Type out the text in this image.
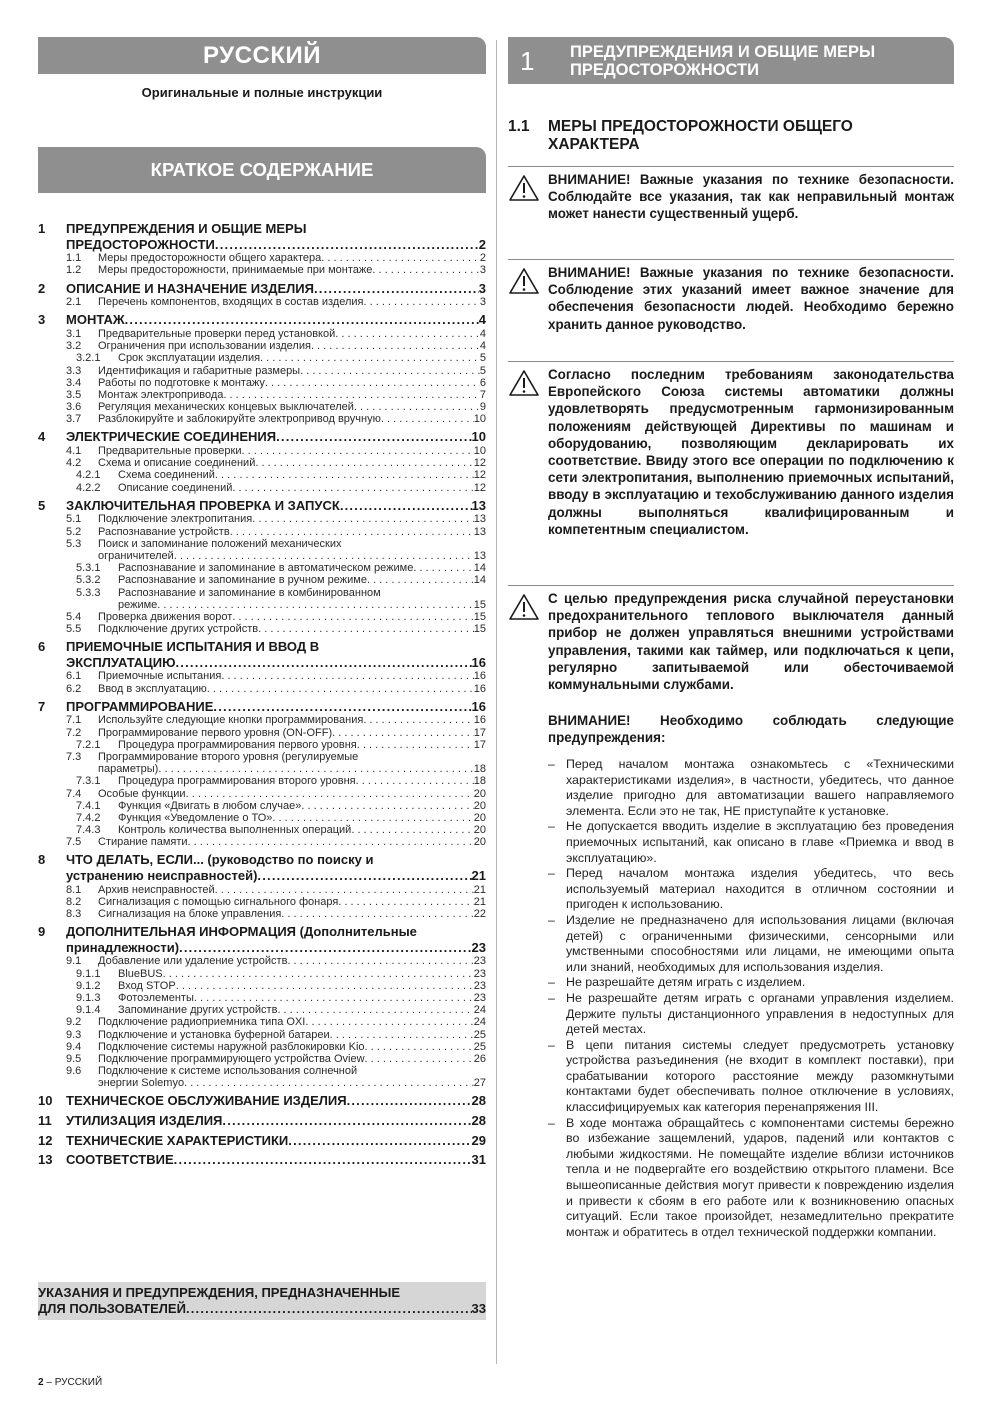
РУССКИЙ
Оригинальные и полные инструкции
КРАТКОЕ СОДЕРЖАНИЕ
1	ПРЕДУПРЕЖДЕНИЯ И ОБЩИЕ МЕРЫ
ПРЕДОСТОРОЖНОСТИ .....	2
1.1	Меры предосторожности общего характера . . .	2
1.2	Меры предосторожности, принимаемые при монтаже . . .	3
2	ОПИСАНИЕ И НАЗНАЧЕНИЕ ИЗДЕЛИЯ .....	3
2.1	Перечень компонентов, входящих в состав изделия . . .	3
3	МОНТАЖ .....	4
3.1	Предварительные проверки перед установкой . . .	4
3.2	Ограничения при использовании изделия . . .	4
3.2.1	Срок эксплуатации изделия . . .	5
3.3	Идентификация и габаритные размеры . . .	5
3.4	Работы по подготовке к монтажу . . .	6
3.5	Монтаж электропривода . . .	7
3.6	Регуляция механических концевых выключателей . . .	9
3.7	Разблокируйте и заблокируйте электропривод вручную . . .	10
4	ЭЛЕКТРИЧЕСКИЕ СОЕДИНЕНИЯ .....	10
4.1	Предварительные проверки . . .	10
4.2	Схема и описание соединений . . .	12
4.2.1	Схема соединений . . .	12
4.2.2	Описание соединений . . .	12
5	ЗАКЛЮЧИТЕЛЬНАЯ ПРОВЕРКА И ЗАПУСК .....	13
5.1	Подключение электропитания . . .	13
5.2	Распознавание устройств . . .	13
5.3	Поиск и запоминание положений механических
ограничителей . . .	13
5.3.1	Распознавание и запоминание в автоматическом режиме . . .	14
5.3.2	Распознавание и запоминание в ручном режиме . . .	14
5.3.3	Распознавание и запоминание в комбинированном
режиме . . .	15
5.4	Проверка движения ворот . . .	15
5.5	Подключение других устройств . . .	15
6	ПРИЕМОЧНЫЕ ИСПЫТАНИЯ И ВВОД В
ЭКСПЛУАТАЦИЮ .....	16
6.1	Приемочные испытания . . .	16
6.2	Ввод в эксплуатацию . . .	16
7	ПРОГРАММИРОВАНИЕ .....	16
7.1	Используйте следующие кнопки программирования . . .	16
7.2	Программирование первого уровня (ON-OFF) . . .	17
7.2.1	Процедура программирования первого уровня . . .	17
7.3	Программирование второго уровня (регулируемые
параметры) . . .	18
7.3.1	Процедура программирования второго уровня . . .	18
7.4	Особые функции . . .	20
7.4.1	Функция «Двигать в любом случае» . . .	20
7.4.2	Функция «Уведомление о ТО» . . .	20
7.4.3	Контроль количества выполненных операций . . .	20
7.5	Стирание памяти . . .	20
8	ЧТО ДЕЛАТЬ, ЕСЛИ... (руководство по поиску и
устранению неисправностей) .....	21
8.1	Архив неисправностей . . .	21
8.2	Сигнализация с помощью сигнального фонаря . . .	21
8.3	Сигнализация на блоке управления . . .	22
9	ДОПОЛНИТЕЛЬНАЯ ИНФОРМАЦИЯ (Дополнительные
принадлежности) .....	23
9.1	Добавление или удаление устройств . . .	23
9.1.1	BlueBUS . . .	23
9.1.2	Вход STOP . . .	23
9.1.3	Фотоэлементы . . .	23
9.1.4	Запоминание других устройств . . .	24
9.2	Подключение радиоприемника типа OXI . . .	24
9.3	Подключение и установка буферной батареи . . .	25
9.4	Подключение системы наружной разблокировки Kio . . .	25
9.5	Подключение программирующего устройства Oview . . .	26
9.6	Подключение к системе использования солнечной
энергии Solemyo . . .	27
10	ТЕХНИЧЕСКОЕ ОБСЛУЖИВАНИЕ ИЗДЕЛИЯ .....	28
11	УТИЛИЗАЦИЯ ИЗДЕЛИЯ .....	28
12	ТЕХНИЧЕСКИЕ ХАРАКТЕРИСТИКИ .....	29
13	СООТВЕТСТВИЕ .....	31
УКАЗАНИЯ И ПРЕДУПРЕЖДЕНИЯ, ПРЕДНАЗНАЧЕННЫЕ
ДЛЯ ПОЛЬЗОВАТЕЛЕЙ .....	33
2 – РУССКИЙ
1 ПРЕДУПРЕЖДЕНИЯ И ОБЩИЕ МЕРЫ
ПРЕДОСТОРОЖНОСТИ
1.1 МЕРЫ ПРЕДОСТОРОЖНОСТИ ОБЩЕГО
ХАРАКТЕРА
ВНИМАНИЕ! Важные указания по технике безопасности. Соблюдайте все указания, так как неправильный монтаж может нанести существенный ущерб.
ВНИМАНИЕ! Важные указания по технике безопасности. Соблюдение этих указаний имеет важное значение для обеспечения безопасности людей. Необходимо бережно хранить данное руководство.
Согласно последним требованиям законодательства Европейского Союза системы автоматики должны удовлетворять предусмотренным гармонизированным положениям действующей Директивы по машинам и оборудованию, позволяющим декларировать их соответствие. Ввиду этого все операции по подключению к сети электропитания, выполнению приемочных испытаний, вводу в эксплуатацию и техобслуживанию данного изделия должны выполняться квалифицированным и компетентным специалистом.
С целью предупреждения риска случайной переустановки предохранительного теплового выключателя данный прибор не должен управляться внешними устройствами управления, такими как таймер, или подключаться к цепи, регулярно запитываемой или обесточиваемой коммунальными службами.
ВНИМАНИЕ! Необходимо соблюдать следующие предупреждения:
– Перед началом монтажа ознакомьтесь с «Техническими характеристиками изделия», в частности, убедитесь, что данное изделие пригодно для автоматизации вашего направляемого элемента. Если это не так, НЕ приступайте к установке.
– Не допускается вводить изделие в эксплуатацию без проведения приемочных испытаний, как описано в главе «Приемка и ввод в эксплуатацию».
– Перед началом монтажа изделия убедитесь, что весь используемый материал находится в отличном состоянии и пригоден к использованию.
– Изделие не предназначено для использования лицами (включая детей) с ограниченными физическими, сенсорными или умственными способностями или лицами, не имеющими опыта или знаний, необходимых для использования изделия.
– Не разрешайте детям играть с изделием.
– Не разрешайте детям играть с органами управления изделием. Держите пульты дистанционного управления в недоступных для детей местах.
– В цепи питания системы следует предусмотреть установку устройства разъединения (не входит в комплект поставки), при срабатывании которого расстояние между разомкнутыми контактами будет обеспечивать полное отключение в условиях, классифицируемых как категория перенапряжения III.
– В ходе монтажа обращайтесь с компонентами системы бережно во избежание защемлений, ударов, падений или контактов с любыми жидкостями. Не помещайте изделие вблизи источников тепла и не подвергайте его воздействию открытого пламени. Все вышеописанные действия могут привести к повреждению изделия и привести к сбоям в его работе или к возникновению опасных ситуаций. Если такое произойдет, незамедлительно прекратите монтаж и обратитесь в отдел технической поддержки компании.
